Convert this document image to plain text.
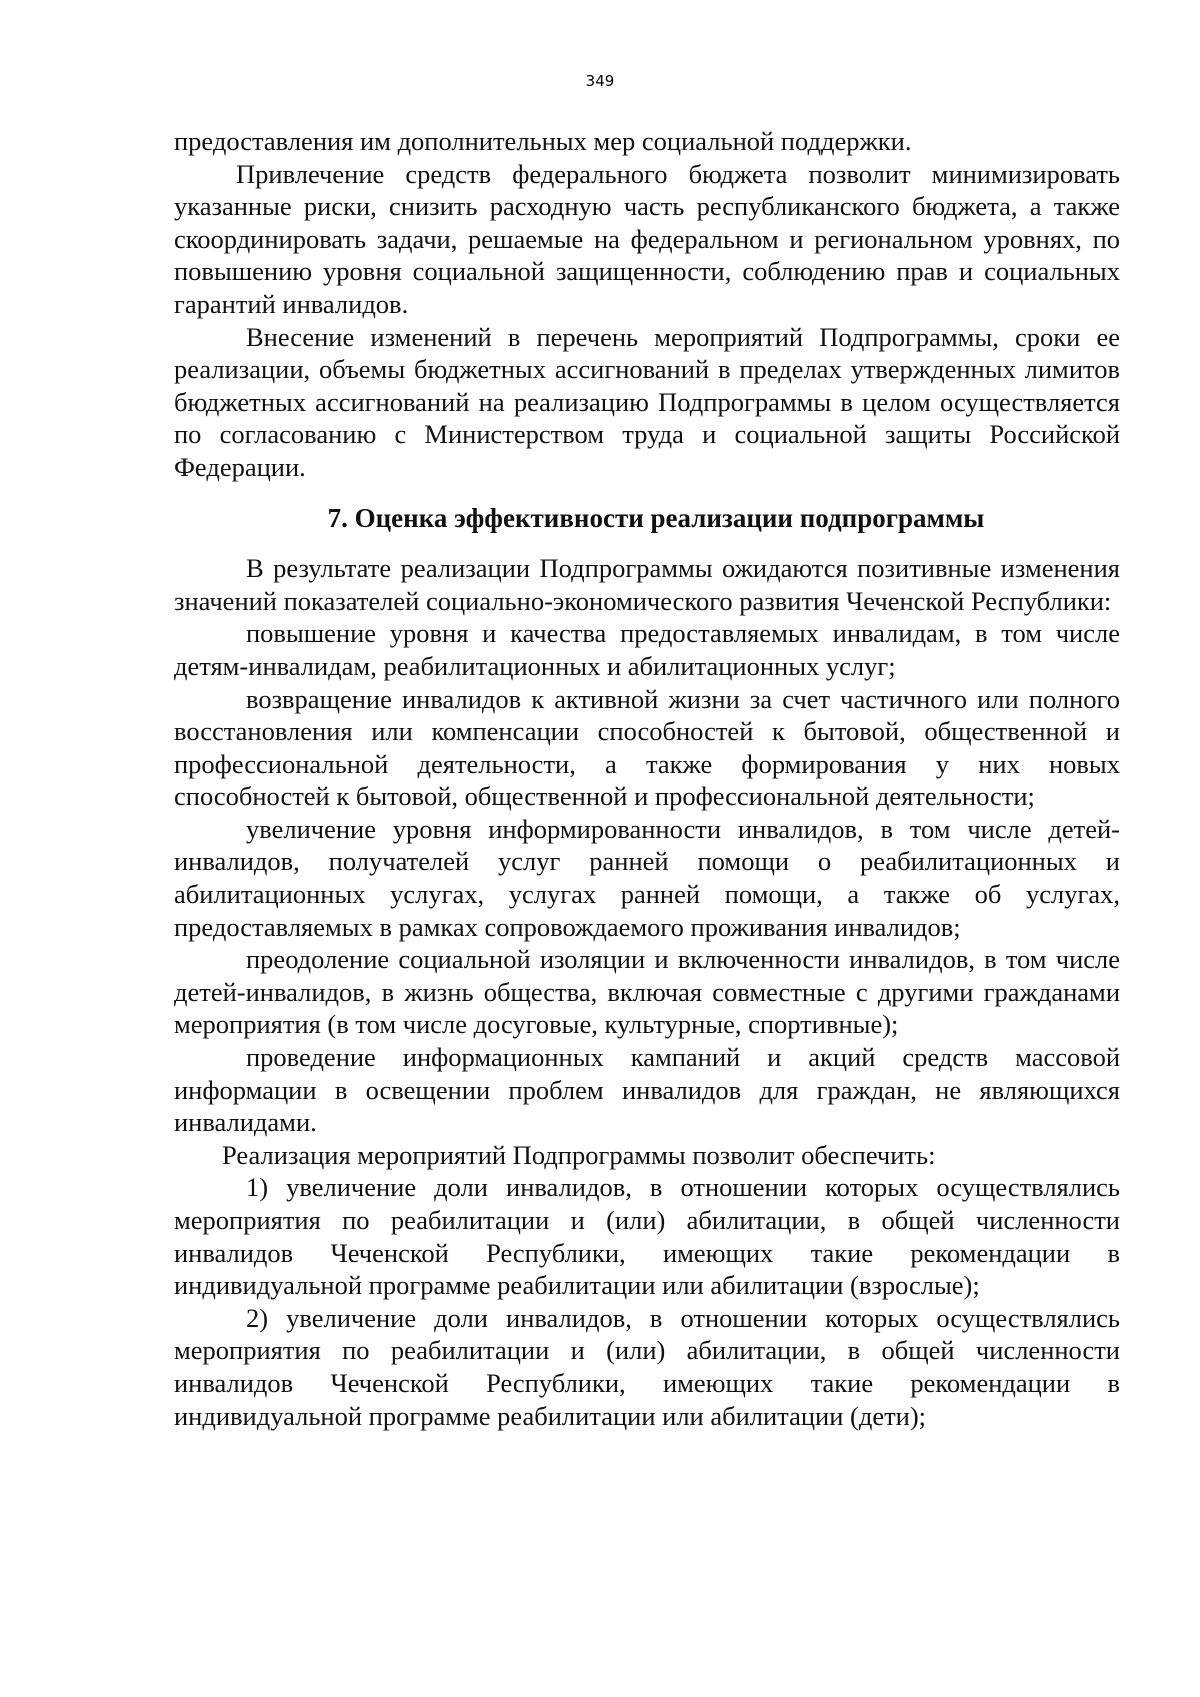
349

предоставления им дополнительных мер социальной поддержки.

Привлечение средств федерального бюджета позволит минимизировать указанные риски, снизить расходную часть республиканского бюджета, а также скоординировать задачи, решаемые на федеральном и региональном уровнях, по повышению уровня социальной защищенности, соблюдению прав и социальных гарантий инвалидов.

Внесение изменений в перечень мероприятий Подпрограммы, сроки ее реализации, объемы бюджетных ассигнований в пределах утвержденных лимитов бюджетных ассигнований на реализацию Подпрограммы в целом осуществляется по согласованию с Министерством труда и социальной защиты Российской Федерации.

7. Оценка эффективности реализации подпрограммы

В результате реализации Подпрограммы ожидаются позитивные изменения значений показателей социально-экономического развития Чеченской Республики:

повышение уровня и качества предоставляемых инвалидам, в том числе детям-инвалидам, реабилитационных и абилитационных услуг;

возвращение инвалидов к активной жизни за счет частичного или полного восстановления или компенсации способностей к бытовой, общественной и профессиональной деятельности, а также формирования у них новых способностей к бытовой, общественной и профессиональной деятельности;

увеличение уровня информированности инвалидов, в том числе детей-инвалидов, получателей услуг ранней помощи о реабилитационных и абилитационных услугах, услугах ранней помощи, а также об услугах, предоставляемых в рамках сопровождаемого проживания инвалидов;

преодоление социальной изоляции и включенности инвалидов, в том числе детей-инвалидов, в жизнь общества, включая совместные с другими гражданами мероприятия (в том числе досуговые, культурные, спортивные);

проведение информационных кампаний и акций средств массовой информации в освещении проблем инвалидов для граждан, не являющихся инвалидами.

Реализация мероприятий Подпрограммы позволит обеспечить:

1) увеличение доли инвалидов, в отношении которых осуществлялись мероприятия по реабилитации и (или) абилитации, в общей численности инвалидов Чеченской Республики, имеющих такие рекомендации в индивидуальной программе реабилитации или абилитации (взрослые);

2) увеличение доли инвалидов, в отношении которых осуществлялись мероприятия по реабилитации и (или) абилитации, в общей численности инвалидов Чеченской Республики, имеющих такие рекомендации в индивидуальной программе реабилитации или абилитации (дети);
